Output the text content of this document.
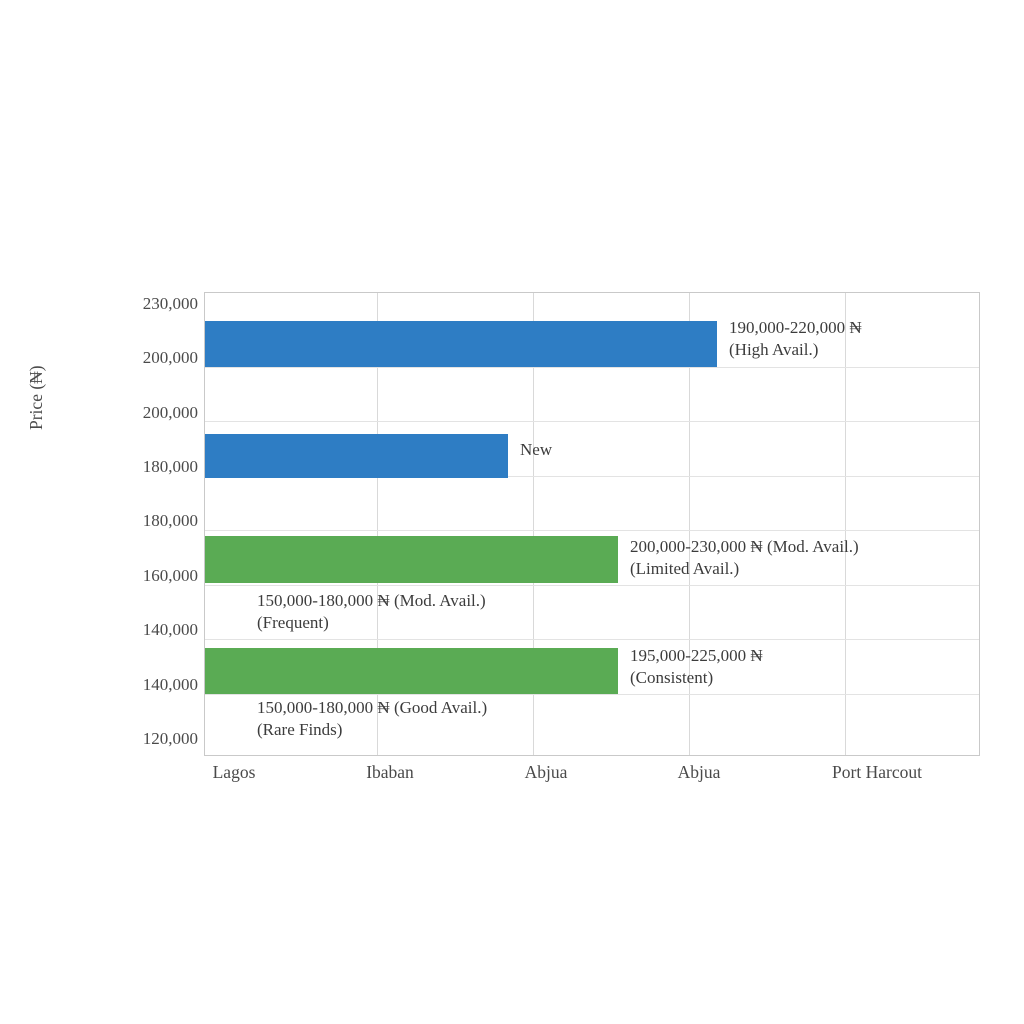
Price (₦)
230,000
200,000
200,000
180,000
180,000
160,000
140,000
140,000
120,000
190,000-220,000 ₦
(High Avail.)
New
200,000-230,000 ₦ (Mod. Avail.)
(Limited Avail.)
195,000-225,000 ₦
(Consistent)
150,000-180,000 ₦ (Mod. Avail.)
(Frequent)
150,000-180,000 ₦ (Good Avail.)
(Rare Finds)
Lagos	Ibaban	Abjua	Abjua	Port Harcout
